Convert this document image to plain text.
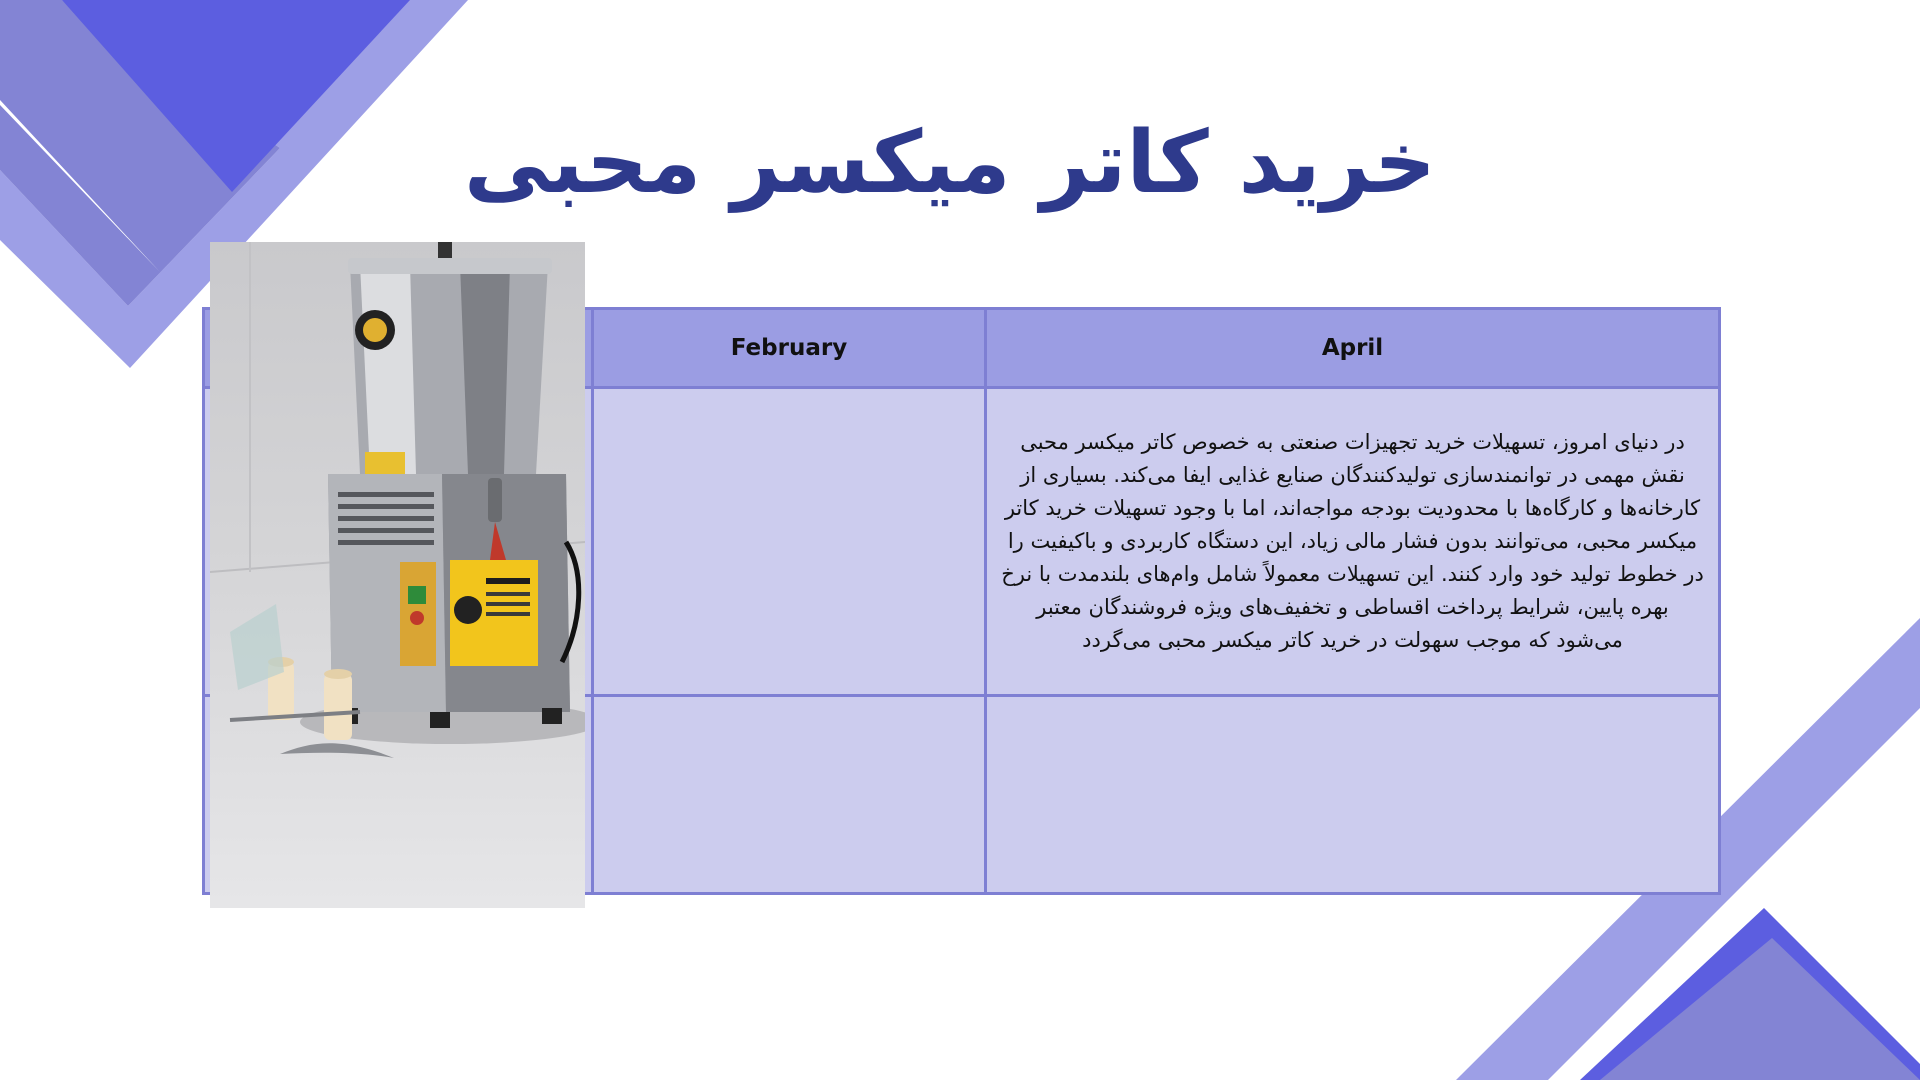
خرید کاتر میکسر محبی
	February	April
		در دنیای امروز، تسهیلات خرید تجهیزات صنعتی به خصوص کاتر میکسر محبی نقش مهمی در توانمندسازی تولیدکنندگان صنایع غذایی ایفا می‌کند. بسیاری از کارخانه‌ها و کارگاه‌ها با محدودیت بودجه مواجه‌اند، اما با وجود تسهیلات خرید کاتر میکسر محبی، می‌توانند بدون فشار مالی زیاد، این دستگاه کاربردی و باکیفیت را در خطوط تولید خود وارد کنند. این تسهیلات معمولاً شامل وام‌های بلندمدت با نرخ بهره پایین، شرایط پرداخت اقساطی و تخفیف‌های ویژه فروشندگان معتبر می‌شود که موجب سهولت در خرید کاتر میکسر محبی می‌گردد
